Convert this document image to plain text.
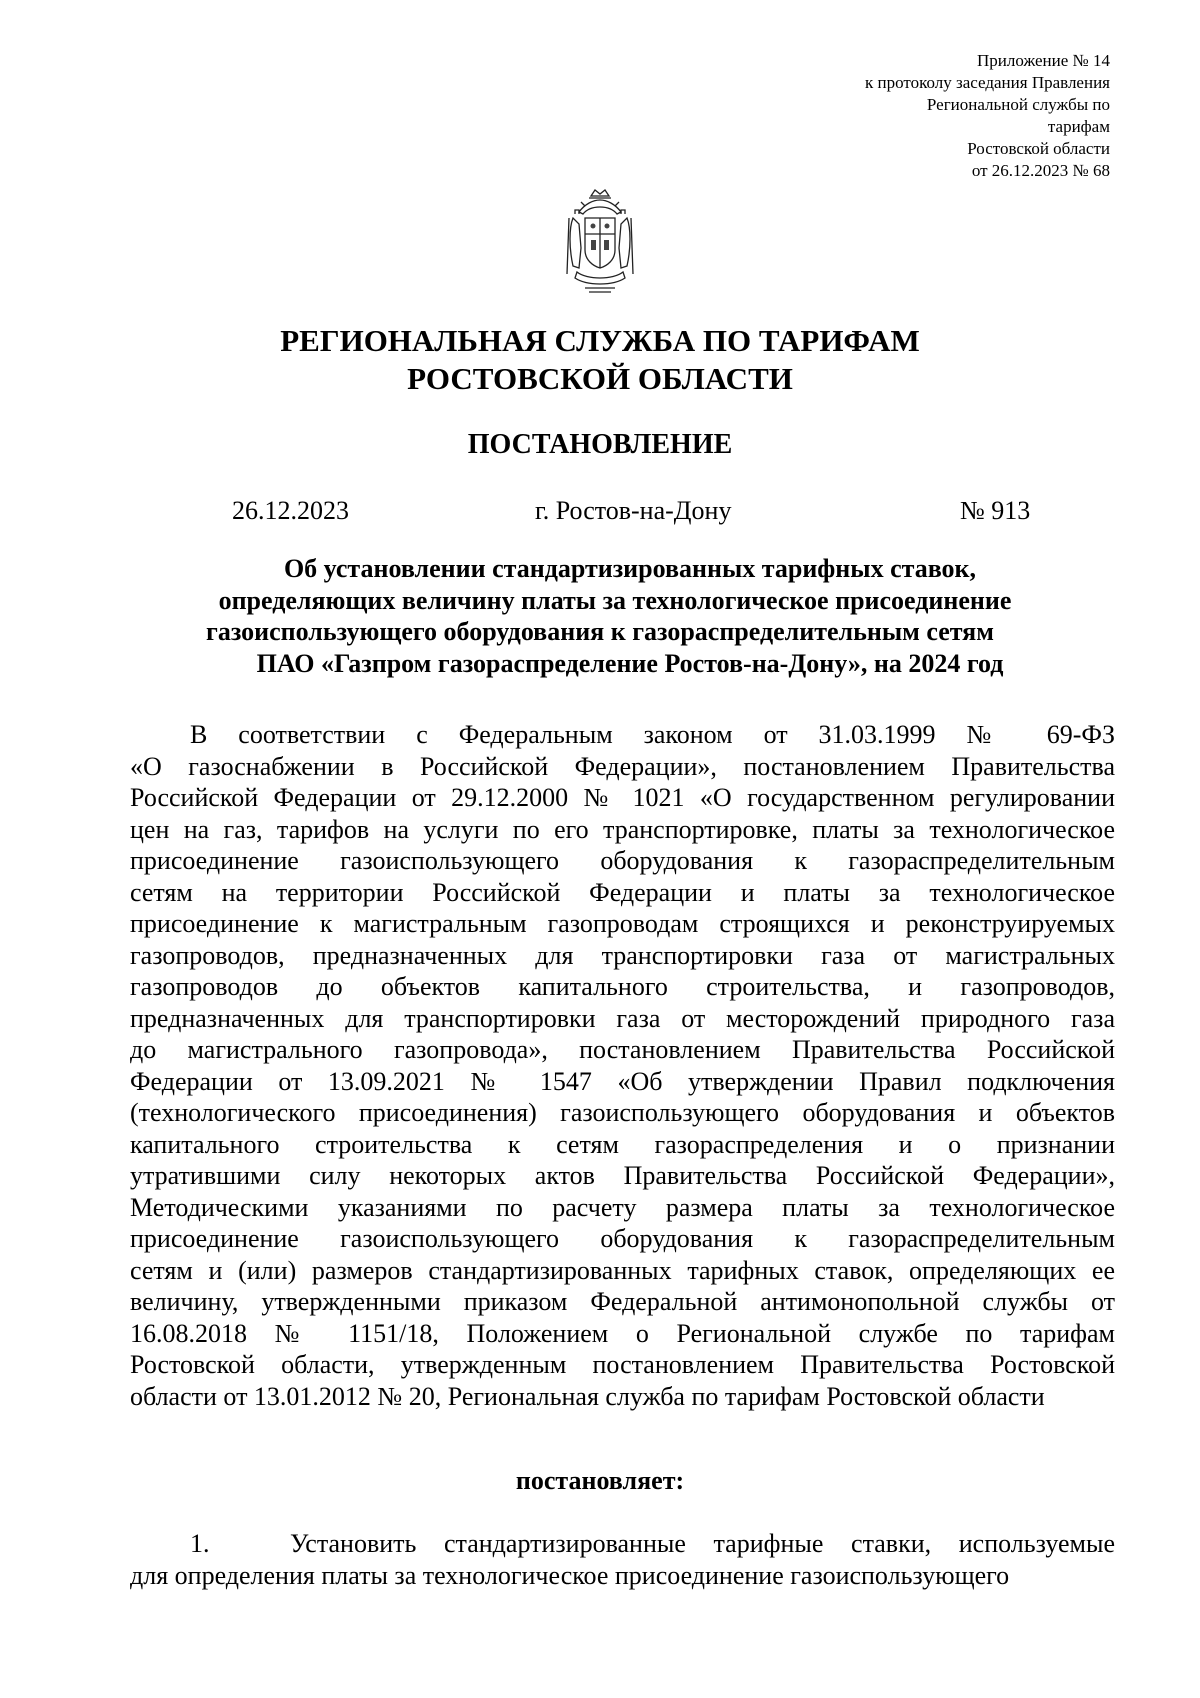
Приложение № 14
к протоколу заседания Правления
Региональной службы по
тарифам
Ростовской области
от 26.12.2023 № 68
РЕГИОНАЛЬНАЯ СЛУЖБА ПО ТАРИФАМ
РОСТОВСКОЙ ОБЛАСТИ
ПОСТАНОВЛЕНИЕ
26.12.2023	г. Ростов-на-Дону	№ 913
Об установлении стандартизированных тарифных ставок,
определяющих величину платы за технологическое присоединение
газоиспользующего оборудования к газораспределительным сетям
ПАО «Газпром газораспределение Ростов-на-Дону», на 2024 год
В соответствии с Федеральным законом от 31.03.1999 № 69-ФЗ
«О газоснабжении в Российской Федерации», постановлением Правительства
Российской Федерации от 29.12.2000 № 1021 «О государственном регулировании
цен на газ, тарифов на услуги по его транспортировке, платы за технологическое
присоединение газоиспользующего оборудования к газораспределительным
сетям на территории Российской Федерации и платы за технологическое
присоединение к магистральным газопроводам строящихся и реконструируемых
газопроводов, предназначенных для транспортировки газа от магистральных
газопроводов до объектов капитального строительства, и газопроводов,
предназначенных для транспортировки газа от месторождений природного газа
до магистрального газопровода», постановлением Правительства Российской
Федерации от 13.09.2021 № 1547 «Об утверждении Правил подключения
(технологического присоединения) газоиспользующего оборудования и объектов
капитального строительства к сетям газораспределения и о признании
утратившими силу некоторых актов Правительства Российской Федерации»,
Методическими указаниями по расчету размера платы за технологическое
присоединение газоиспользующего оборудования к газораспределительным
сетям и (или) размеров стандартизированных тарифных ставок, определяющих ее
величину, утвержденными приказом Федеральной антимонопольной службы от
16.08.2018 № 1151/18, Положением о Региональной службе по тарифам
Ростовской области, утвержденным постановлением Правительства Ростовской
области от 13.01.2012 № 20, Региональная служба по тарифам Ростовской области
постановляет:
1.	Установить стандартизированные тарифные ставки, используемые
для определения платы за технологическое присоединение газоиспользующего
